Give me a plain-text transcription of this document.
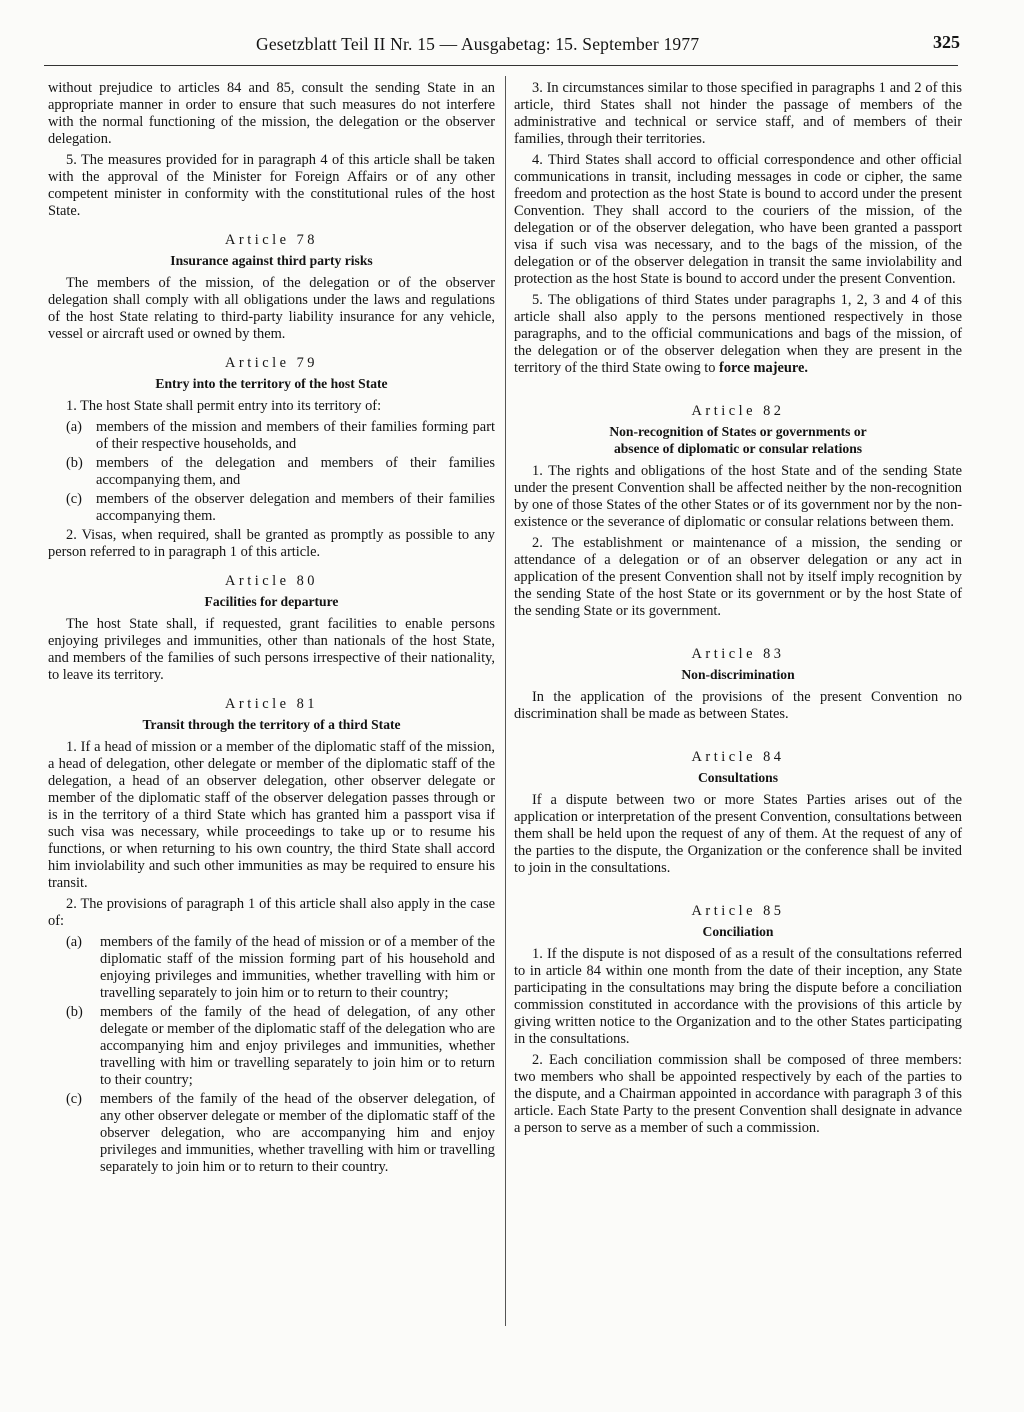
Gesetzblatt Teil II Nr. 15 — Ausgabetag: 15. September 1977	325

without prejudice to articles 84 and 85, consult the sending State in an appropriate manner in order to ensure that such measures do not interfere with the normal functioning of the mission, the delegation or the observer delegation.

5. The measures provided for in paragraph 4 of this article shall be taken with the approval of the Minister for Foreign Affairs or of any other competent minister in conformity with the constitutional rules of the host State.

Article 78
Insurance against third party risks

The members of the mission, of the delegation or of the observer delegation shall comply with all obligations under the laws and regulations of the host State relating to third-party liability insurance for any vehicle, vessel or aircraft used or owned by them.

Article 79
Entry into the territory of the host State

1. The host State shall permit entry into its territory of:

(a) members of the mission and members of their families forming part of their respective households, and
(b) members of the delegation and members of their families accompanying them, and
(c) members of the observer delegation and members of their families accompanying them.

2. Visas, when required, shall be granted as promptly as possible to any person referred to in paragraph 1 of this article.

Article 80
Facilities for departure

The host State shall, if requested, grant facilities to enable persons enjoying privileges and immunities, other than nationals of the host State, and members of the families of such persons irrespective of their nationality, to leave its territory.

Article 81
Transit through the territory of a third State

1. If a head of mission or a member of the diplomatic staff of the mission, a head of delegation, other delegate or member of the diplomatic staff of the delegation, a head of an observer delegation, other observer delegate or member of the diplomatic staff of the observer delegation passes through or is in the territory of a third State which has granted him a passport visa if such visa was necessary, while proceedings to take up or to resume his functions, or when returning to his own country, the third State shall accord him inviolability and such other immunities as may be required to ensure his transit.

2. The provisions of paragraph 1 of this article shall also apply in the case of:

(a) members of the family of the head of mission or of a member of the diplomatic staff of the mission forming part of his household and enjoying privileges and immunities, whether travelling with him or travelling separately to join him or to return to their country;
(b) members of the family of the head of delegation, of any other delegate or member of the diplomatic staff of the delegation who are accompanying him and enjoy privileges and immunities, whether travelling with him or travelling separately to join him or to return to their country;
(c) members of the family of the head of the observer delegation, of any other observer delegate or member of the diplomatic staff of the observer delegation, who are accompanying him and enjoy privileges and immunities, whether travelling with him or travelling separately to join him or to return to their country.

3. In circumstances similar to those specified in paragraphs 1 and 2 of this article, third States shall not hinder the passage of members of the administrative and technical or service staff, and of members of their families, through their territories.

4. Third States shall accord to official correspondence and other official communications in transit, including messages in code or cipher, the same freedom and protection as the host State is bound to accord under the present Convention. They shall accord to the couriers of the mission, of the delegation or of the observer delegation, who have been granted a passport visa if such visa was necessary, and to the bags of the mission, of the delegation or of the observer delegation in transit the same inviolability and protection as the host State is bound to accord under the present Convention.

5. The obligations of third States under paragraphs 1, 2, 3 and 4 of this article shall also apply to the persons mentioned respectively in those paragraphs, and to the official communications and bags of the mission, of the delegation or of the observer delegation when they are present in the territory of the third State owing to force majeure.

Article 82
Non-recognition of States or governments or
absence of diplomatic or consular relations

1. The rights and obligations of the host State and of the sending State under the present Convention shall be affected neither by the non-recognition by one of those States of the other States or of its government nor by the non-existence or the severance of diplomatic or consular relations between them.

2. The establishment or maintenance of a mission, the sending or attendance of a delegation or of an observer delegation or any act in application of the present Convention shall not by itself imply recognition by the sending State of the host State or its government or by the host State of the sending State or its government.

Article 83
Non-discrimination

In the application of the provisions of the present Convention no discrimination shall be made as between States.

Article 84
Consultations

If a dispute between two or more States Parties arises out of the application or interpretation of the present Convention, consultations between them shall be held upon the request of any of them. At the request of any of the parties to the dispute, the Organization or the conference shall be invited to join in the consultations.

Article 85
Conciliation

1. If the dispute is not disposed of as a result of the consultations referred to in article 84 within one month from the date of their inception, any State participating in the consultations may bring the dispute before a conciliation commission constituted in accordance with the provisions of this article by giving written notice to the Organization and to the other States participating in the consultations.

2. Each conciliation commission shall be composed of three members: two members who shall be appointed respectively by each of the parties to the dispute, and a Chairman appointed in accordance with paragraph 3 of this article. Each State Party to the present Convention shall designate in advance a person to serve as a member of such a commission.
